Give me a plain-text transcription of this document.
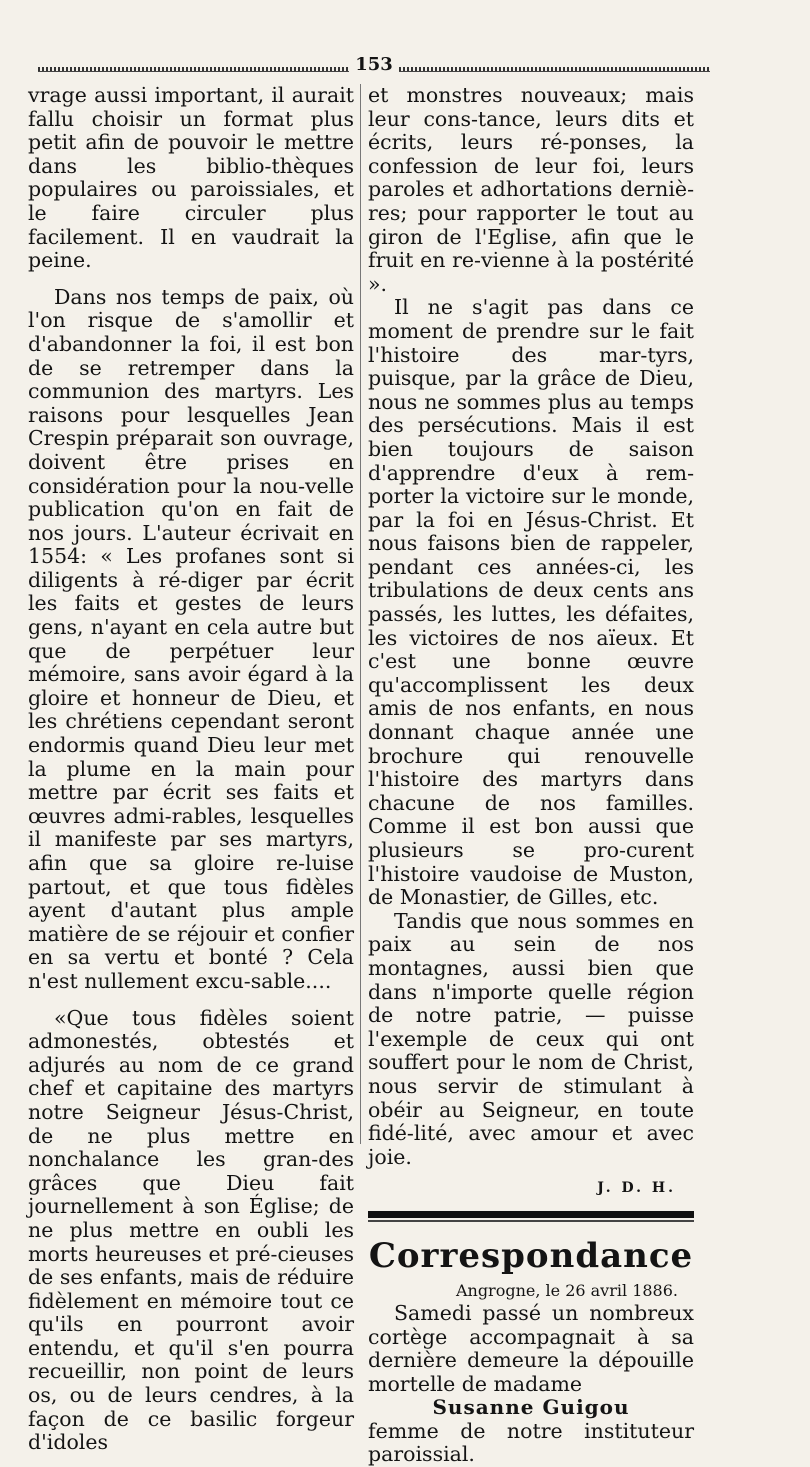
153

vrage aussi important, il aurait fallu choisir un format plus petit afin de pouvoir le mettre dans les biblio-thèques populaires ou paroissiales, et le faire circuler plus facilement. Il en vaudrait la peine.

Dans nos temps de paix, où l'on risque de s'amollir et d'abandonner la foi, il est bon de se retremper dans la communion des martyrs. Les raisons pour lesquelles Jean Crespin préparait son ouvrage, doivent être prises en considération pour la nou-velle publication qu'on en fait de nos jours. L'auteur écrivait en 1554: « Les profanes sont si diligents à ré-diger par écrit les faits et gestes de leurs gens, n'ayant en cela autre but que de perpétuer leur mémoire, sans avoir égard à la gloire et honneur de Dieu, et les chrétiens cependant seront endormis quand Dieu leur met la plume en la main pour mettre par écrit ses faits et œuvres admi-rables, lesquelles il manifeste par ses martyrs, afin que sa gloire re-luise partout, et que tous fidèles ayent d'autant plus ample matière de se réjouir et confier en sa vertu et bonté ? Cela n'est nullement excu-sable....

«Que tous fidèles soient admonestés, obtestés et adjurés au nom de ce grand chef et capitaine des martyrs notre Seigneur Jésus-Christ, de ne plus mettre en nonchalance les gran-des grâces que Dieu fait journellement à son Église; de ne plus mettre en oubli les morts heureuses et pré-cieuses de ses enfants, mais de réduire fidèlement en mémoire tout ce qu'ils en pourront avoir entendu, et qu'il s'en pourra recueillir, non point de leurs os, ou de leurs cendres, à la façon de ce basilic forgeur d'idoles

et monstres nouveaux; mais leur cons-tance, leurs dits et écrits, leurs ré-ponses, la confession de leur foi, leurs paroles et adhortations derniè-res; pour rapporter le tout au giron de l'Eglise, afin que le fruit en re-vienne à la postérité ».

Il ne s'agit pas dans ce moment de prendre sur le fait l'histoire des mar-tyrs, puisque, par la grâce de Dieu, nous ne sommes plus au temps des persécutions. Mais il est bien toujours de saison d'apprendre d'eux à rem-porter la victoire sur le monde, par la foi en Jésus-Christ. Et nous faisons bien de rappeler, pendant ces années-ci, les tribulations de deux cents ans passés, les luttes, les défaites, les victoires de nos aïeux. Et c'est une bonne œuvre qu'accomplissent les deux amis de nos enfants, en nous donnant chaque année une brochure qui renouvelle l'histoire des martyrs dans chacune de nos familles. Comme il est bon aussi que plusieurs se pro-curent l'histoire vaudoise de Muston, de Monastier, de Gilles, etc.

Tandis que nous sommes en paix au sein de nos montagnes, aussi bien que dans n'importe quelle région de notre patrie, — puisse l'exemple de ceux qui ont souffert pour le nom de Christ, nous servir de stimulant à obéir au Seigneur, en toute fidé-lité, avec amour et avec joie.

J. D. H.
Correspondance
Angrogne, le 26 avril 1886.

Samedi passé un nombreux cortège accompagnait à sa dernière demeure la dépouille mortelle de madame

Susanne Guigou

femme de notre instituteur paroissial.
